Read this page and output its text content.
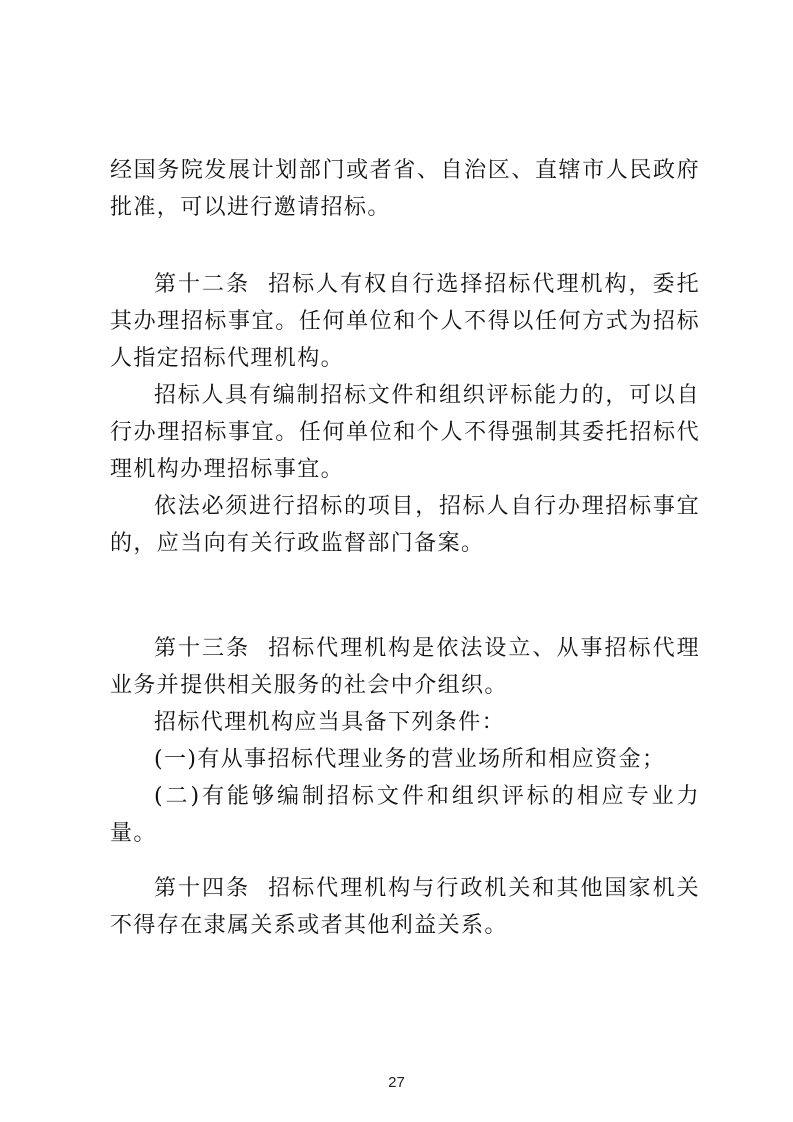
经国务院发展计划部门或者省、自治区、直辖市人民政府批准，可以进行邀请招标。

第十二条 招标人有权自行选择招标代理机构，委托其办理招标事宜。任何单位和个人不得以任何方式为招标人指定招标代理机构。

招标人具有编制招标文件和组织评标能力的，可以自行办理招标事宜。任何单位和个人不得强制其委托招标代理机构办理招标事宜。

依法必须进行招标的项目，招标人自行办理招标事宜的，应当向有关行政监督部门备案。

第十三条 招标代理机构是依法设立、从事招标代理业务并提供相关服务的社会中介组织。

招标代理机构应当具备下列条件：

(一)有从事招标代理业务的营业场所和相应资金；

(二)有能够编制招标文件和组织评标的相应专业力量。

第十四条 招标代理机构与行政机关和其他国家机关不得存在隶属关系或者其他利益关系。

27
